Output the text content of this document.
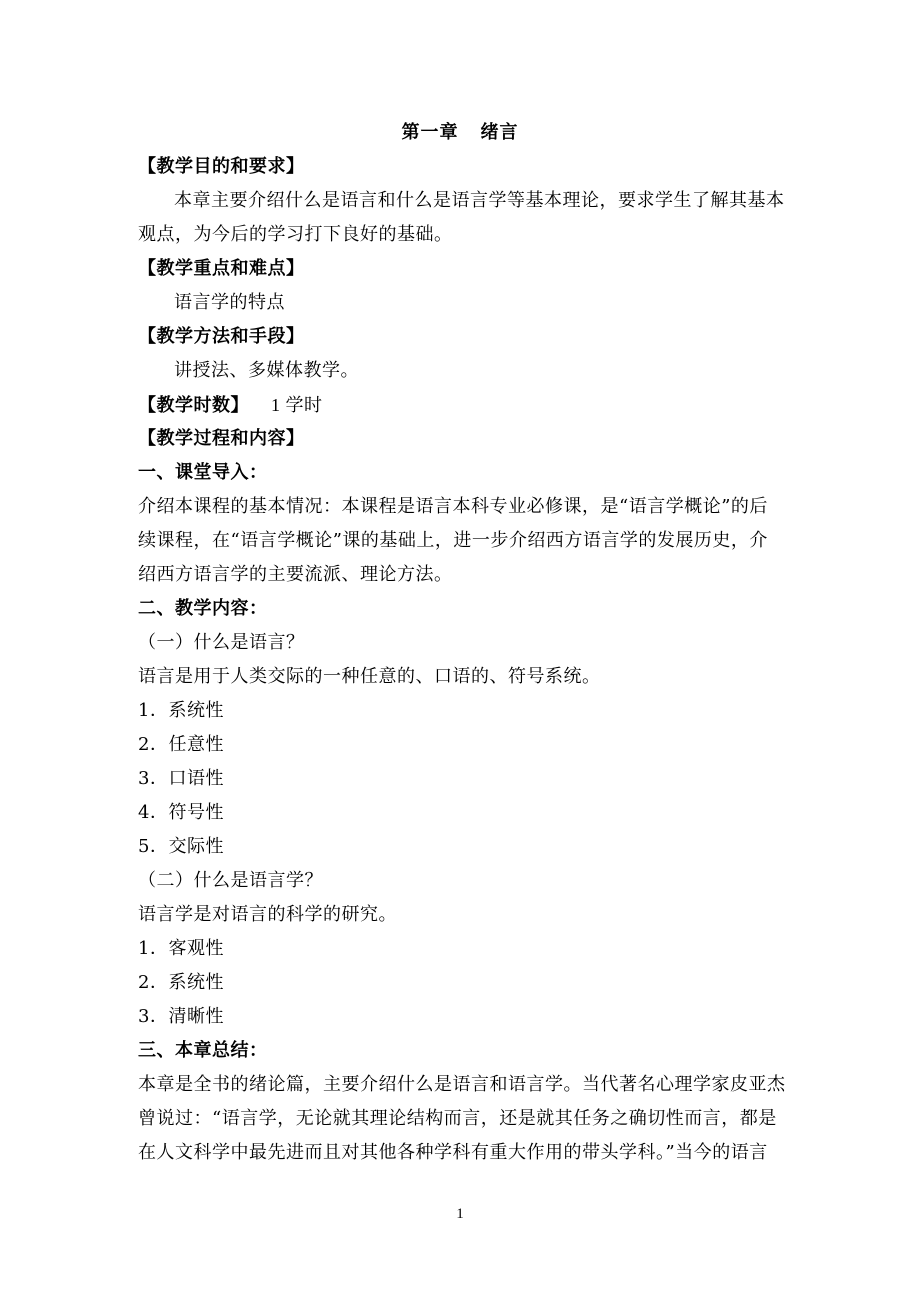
第一章 绪言
【教学目的和要求】
本章主要介绍什么是语言和什么是语言学等基本理论，要求学生了解其基本
观点，为今后的学习打下良好的基础。
【教学重点和难点】
语言学的特点
【教学方法和手段】
讲授法、多媒体教学。
【教学时数】 1 学时
【教学过程和内容】
一、课堂导入：
介绍本课程的基本情况：本课程是语言本科专业必修课，是“语言学概论”的后
续课程，在“语言学概论”课的基础上，进一步介绍西方语言学的发展历史，介
绍西方语言学的主要流派、理论方法。
二、教学内容：
（一）什么是语言？
语言是用于人类交际的一种任意的、口语的、符号系统。
1．系统性
2．任意性
3．口语性
4．符号性
5．交际性
（二）什么是语言学？
语言学是对语言的科学的研究。
1．客观性
2．系统性
3．清晰性
三、本章总结：
本章是全书的绪论篇，主要介绍什么是语言和语言学。当代著名心理学家皮亚杰
曾说过：“语言学，无论就其理论结构而言，还是就其任务之确切性而言，都是
在人文科学中最先进而且对其他各种学科有重大作用的带头学科。”当今的语言
1
